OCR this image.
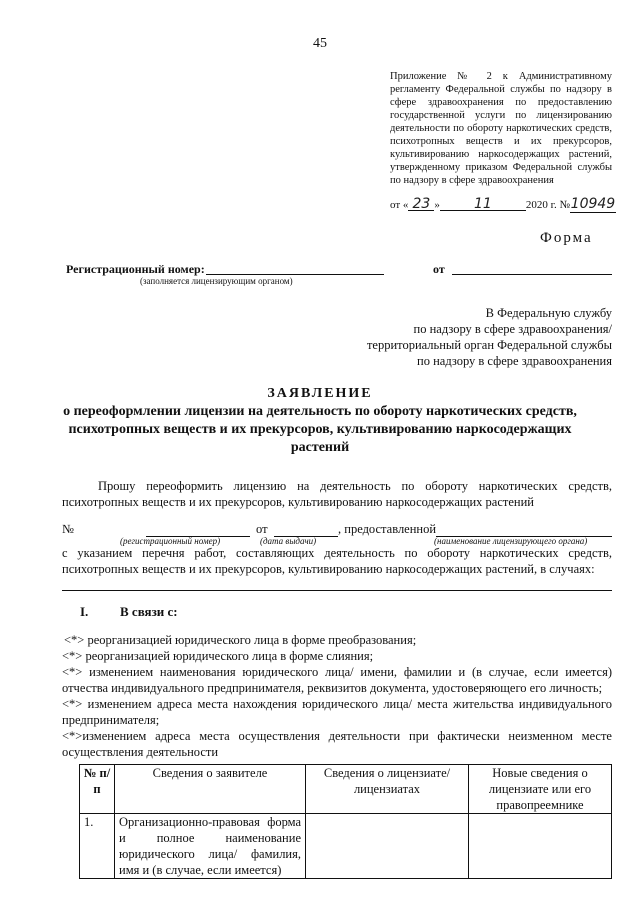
45
Приложение № 2 к Административному регламенту Федеральной службы по надзору в сфере здравоохранения по предоставлению государственной услуги по лицензированию деятельности по обороту наркотических средств, психотропных веществ и их прекурсоров, культивированию наркосодержащих растений, утвержденному приказом Федеральной службы по надзору в сфере здравоохранения
от « 23 » 11	2020 г. №10949
Форма
Регистрационный номер:
(заполняется лицензирующим органом)
от
В Федеральную службу
по надзору в сфере здравоохранения/
территориальный орган Федеральной службы
по надзору в сфере здравоохранения
ЗАЯВЛЕНИЕ
о переоформлении лицензии на деятельность по обороту наркотических средств, психотропных веществ и их прекурсоров, культивированию наркосодержащих растений
Прошу переоформить лицензию на деятельность по обороту наркотических средств, психотропных веществ и их прекурсоров, культивированию наркосодержащих растений
№
(регистрационный номер)
от
(дата выдачи)
, предоставленной
(наименование лицензирующего органа)
с указанием перечня работ, составляющих деятельность по обороту наркотических средств, психотропных веществ и их прекурсоров, культивированию наркосодержащих растений, в случаях:
I. В связи с:

<*> реорганизацией юридического лица в форме преобразования;

<*> реорганизацией юридического лица в форме слияния;

<*> изменением наименования юридического лица/ имени, фамилии и (в случае, если имеется) отчества индивидуального предпринимателя, реквизитов документа, удостоверяющего его личность;

<*> изменением адреса места нахождения юридического лица/ места жительства индивидуального предпринимателя;

<*>изменением адреса места осуществления деятельности при фактически неизменном месте осуществления деятельности

№ п/п	Сведения о заявителе	Сведения о лицензиате/лицензиатах	Новые сведения о лицензиате или его правопреемнике
1.	Организационно-правовая форма и полное наименование юридического лица/ фамилия, имя и (в случае, если имеется)		
